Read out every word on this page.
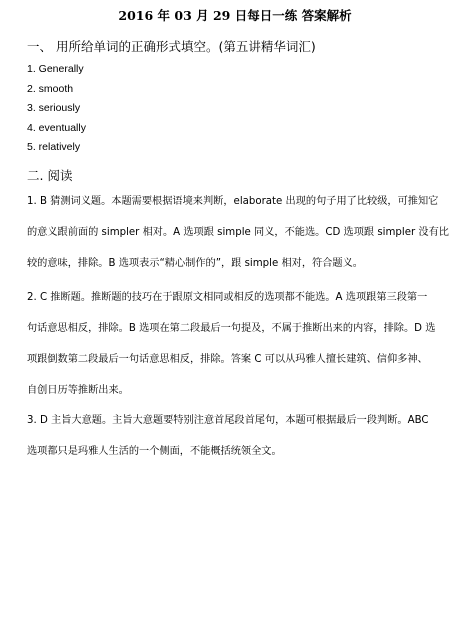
2016 年 03 月 29 日每日一练 答案解析
一、 用所给单词的正确形式填空。(第五讲精华词汇)
1. Generally
2. smooth
3. seriously
4. eventually
5. relatively
二. 阅读
1. B 猜测词义题。本题需要根据语境来判断，elaborate 出现的句子用了比较级，可推知它
的意义跟前面的 simpler 相对。A 选项跟 simple 同义，不能选。CD 选项跟 simpler 没有比
较的意味，排除。B 选项表示“精心制作的”，跟 simple 相对，符合题义。
2. C 推断题。推断题的技巧在于跟原文相同或相反的选项都不能选。A 选项跟第三段第一
句话意思相反，排除。B 选项在第二段最后一句提及，不属于推断出来的内容，排除。D 选
项跟倒数第二段最后一句话意思相反，排除。答案 C 可以从玛雅人擅长建筑、信仰多神、
自创日历等推断出来。
3. D 主旨大意题。主旨大意题要特别注意首尾段首尾句，本题可根据最后一段判断。ABC
选项都只是玛雅人生活的一个侧面，不能概括统领全文。
